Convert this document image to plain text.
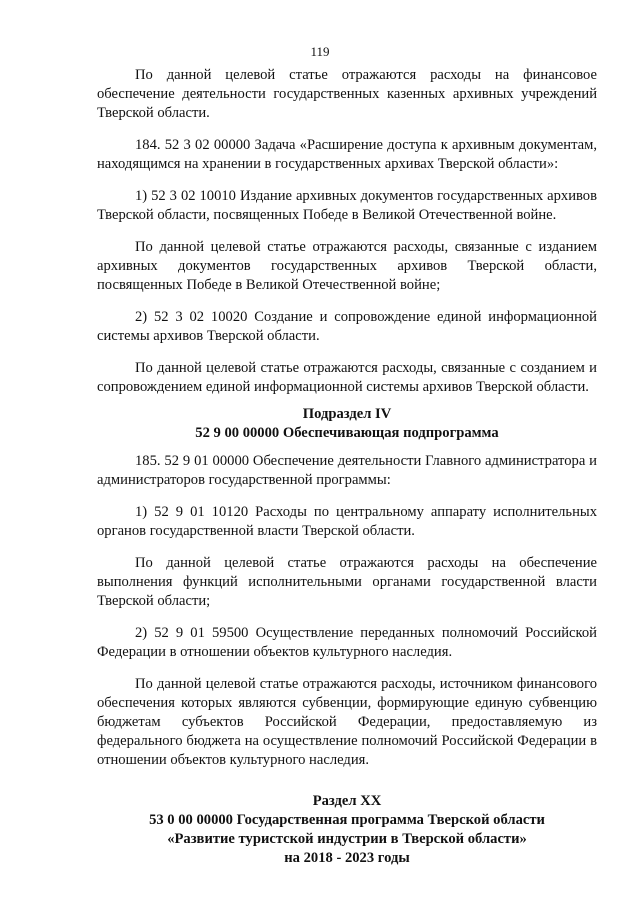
119

По данной целевой статье отражаются расходы на финансовое обеспечение деятельности государственных казенных архивных учреждений Тверской области.

184. 52 3 02 00000 Задача «Расширение доступа к архивным документам, находящимся на хранении в государственных архивах Тверской области»:

1) 52 3 02 10010 Издание архивных документов государственных архивов Тверской области, посвященных Победе в Великой Отечественной войне.

По данной целевой статье отражаются расходы, связанные с изданием архивных документов государственных архивов Тверской области, посвященных Победе в Великой Отечественной войне;

2) 52 3 02 10020 Создание и сопровождение единой информационной системы архивов Тверской области.

По данной целевой статье отражаются расходы, связанные с созданием и сопровождением единой информационной системы архивов Тверской области.

Подраздел IV

52 9 00 00000 Обеспечивающая подпрограмма

185. 52 9 01 00000 Обеспечение деятельности Главного администратора и администраторов государственной программы:

1) 52 9 01 10120 Расходы по центральному аппарату исполнительных органов государственной власти Тверской области.

По данной целевой статье отражаются расходы на обеспечение выполнения функций исполнительными органами государственной власти Тверской области;

2) 52 9 01 59500 Осуществление переданных полномочий Российской Федерации в отношении объектов культурного наследия.

По данной целевой статье отражаются расходы, источником финансового обеспечения которых являются субвенции, формирующие единую субвенцию бюджетам субъектов Российской Федерации, предоставляемую из федерального бюджета на осуществление полномочий Российской Федерации в отношении объектов культурного наследия.

Раздел XX

53 0 00 00000 Государственная программа Тверской области

«Развитие туристской индустрии в Тверской области»

на 2018 - 2023 годы
